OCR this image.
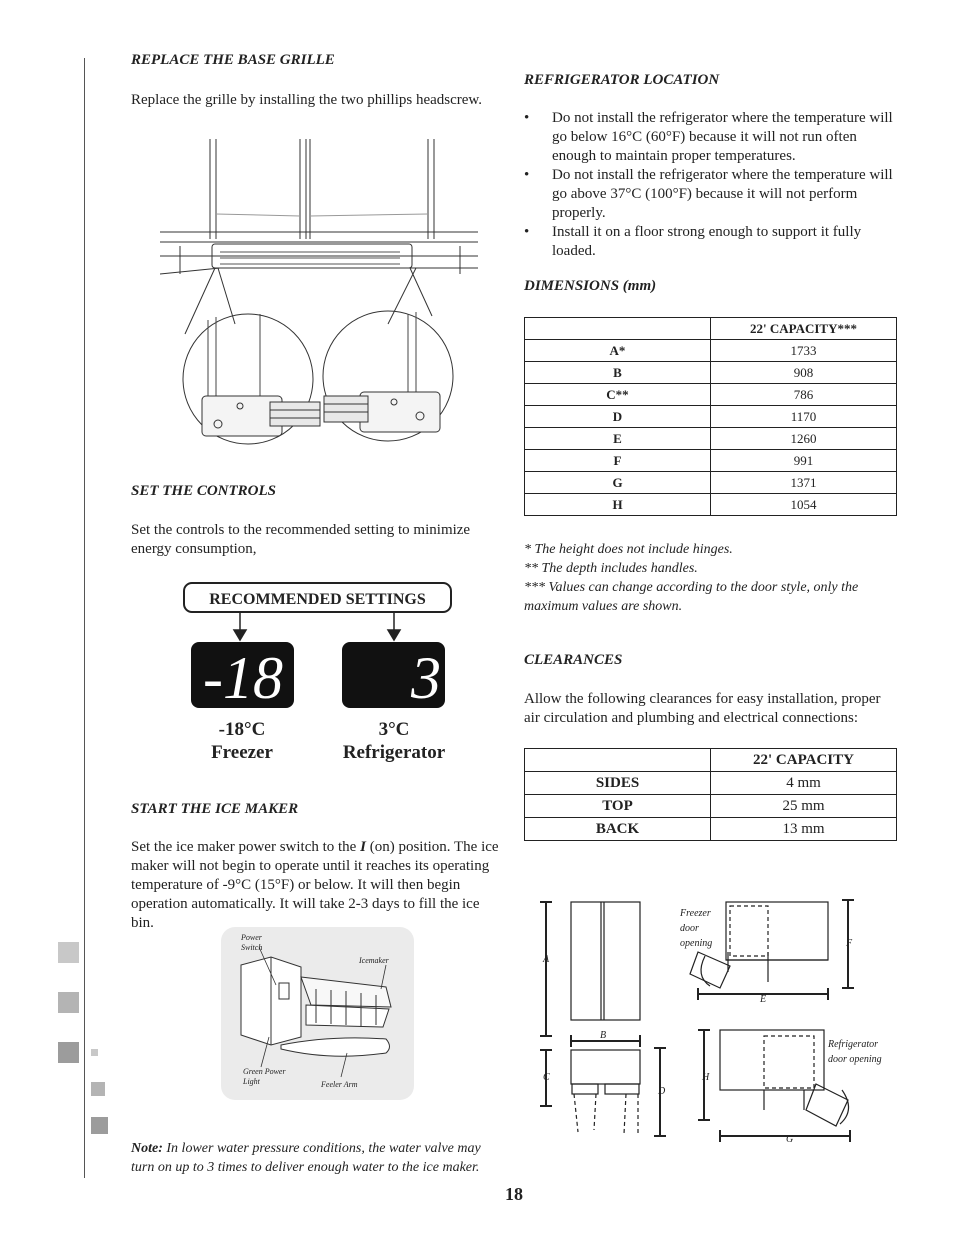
REPLACE THE BASE GRILLE
Replace the grille by installing the two phillips headscrew.
SET THE CONTROLS
Set the controls to the recommended setting to minimize energy consumption,
RECOMMENDED SETTINGS
-18 3
-18°C
Freezer
3°C
Refrigerator
START THE ICE MAKER
Set the ice maker power switch to the I (on) position. The ice maker will not begin to operate until it reaches its operating temperature of -9°C (15°F) or below. It will then begin operation automatically. It will take 2-3 days to fill the ice bin.
Power Switch
Icemaker
Green Power Light	Feeler Arm
Note: In lower water pressure conditions, the water valve may turn on up to 3 times to deliver enough water to the ice maker.
REFRIGERATOR LOCATION
• Do not install the refrigerator where the temperature will go below 16°C (60°F) because it will not run often enough to maintain proper temperatures.
• Do not install the refrigerator where the temperature will go above 37°C (100°F) because it will not perform properly.
• Install it on a floor strong enough to support it fully loaded.
DIMENSIONS (mm)
	22' CAPACITY***
A*	1733
B	908
C**	786
D	1170
E	1260
F	991
G	1371
H	1054
* The height does not include hinges.
** The depth includes handles.
*** Values can change according to the door style, only the maximum values are shown.
CLEARANCES
Allow the following clearances for easy installation, proper air circulation and plumbing and electrical connections:
	22' CAPACITY
SIDES	4 mm
TOP	25 mm
BACK	13 mm
A
B
C
D
E
F
G
H
Freezer door opening
Refrigerator door opening
18
